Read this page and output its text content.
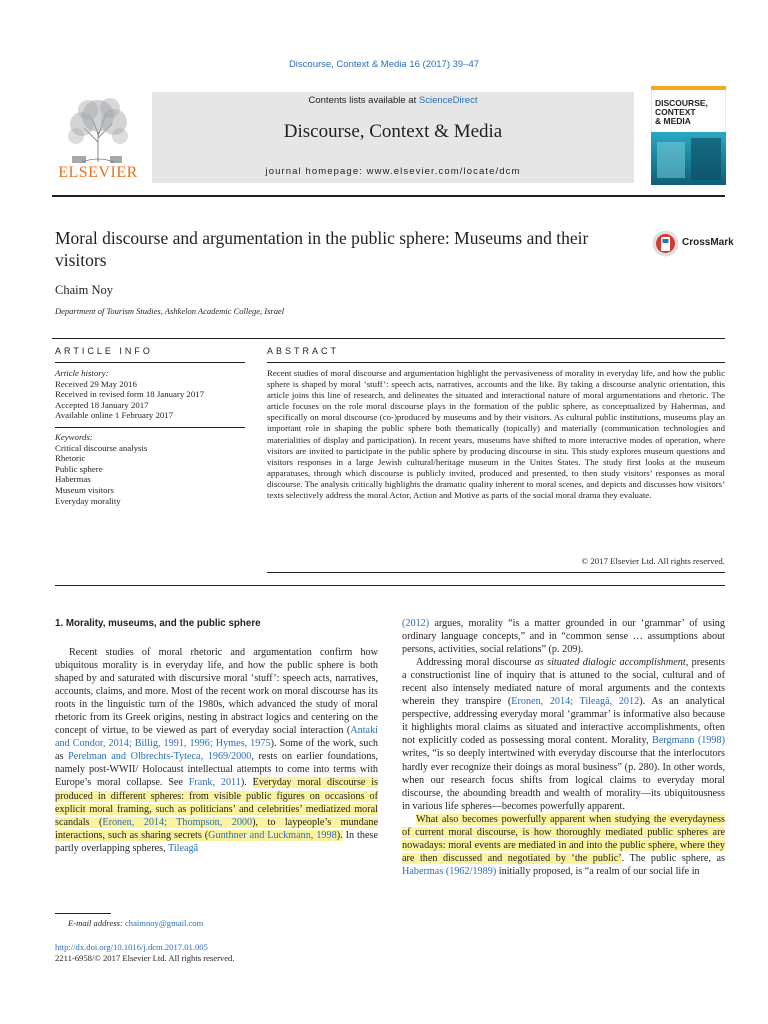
Discourse, Context & Media 16 (2017) 39–47
ELSEVIER
Contents lists available at ScienceDirect
Discourse, Context & Media
journal homepage: www.elsevier.com/locate/dcm
DISCOURSE,
CONTEXT
& MEDIA
Moral discourse and argumentation in the public sphere: Museums and their visitors
CrossMark
Chaim Noy
Department of Tourism Studies, Ashkelon Academic College, Israel
ARTICLE INFO	ABSTRACT
Article history:
Received 29 May 2016
Received in revised form 18 January 2017
Accepted 18 January 2017
Available online 1 February 2017
Keywords:
Critical discourse analysis
Rhetoric
Public sphere
Habermas
Museum visitors
Everyday morality
Recent studies of moral discourse and argumentation highlight the pervasiveness of morality in everyday life, and how the public sphere is shaped by moral ‘stuff’: speech acts, narratives, accounts and the like. By taking a discourse analytic orientation, this article joins this line of research, and delineates the situated and interactional nature of moral argumentations and rhetoric. The article focuses on the role moral discourse plays in the formation of the public sphere, as conceptualized by Habermas, and specifically on moral discourse (co-)produced by museums and by their visitors. As cultural public institutions, museums play an important role in shaping the public sphere both thematically (topically) and materially (communication technologies and materialities of display and participation). In recent years, museums have shifted to more interactive modes of operation, where visitors are invited to participate in the public sphere by producing discourse in situ. This study explores museum questions and visitors responses in a large Jewish cultural/heritage museum in the Unites States. The study first looks at the museum apparatuses, through which discourse is publicly invited, produced and presented, to then study visitors’ responses as moral discourse. The analysis critically highlights the dramatic quality inherent to moral scenes, and depicts and discusses how visitors’ texts selectively address the moral Actor, Action and Motive as parts of the social moral drama they evaluate.
© 2017 Elsevier Ltd. All rights reserved.
1. Morality, museums, and the public sphere
Recent studies of moral rhetoric and argumentation confirm how ubiquitous morality is in everyday life, and how the public sphere is both shaped by and saturated with discursive moral ‘stuff’: speech acts, narratives, accounts, claims, and more. Most of the recent work on moral discourse has its roots in the linguistic turn of the 1980s, which advanced the study of moral rhetoric from its Greek origins, nesting in abstract logics and centering on the concept of virtue, to be viewed as part of everyday social interaction (Antaki and Condor, 2014; Billig, 1991, 1996; Hymes, 1975). Some of the work, such as Perelman and Olbrechts-Tyteca, 1969/2000, rests on earlier foundations, namely post-WWII/ Holocaust intellectual attempts to come into terms with Europe’s moral collapse. See Frank, 2011). Everyday moral discourse is produced in different spheres: from visible public figures on occasions of explicit moral framing, such as politicians’ and celebrities’ mediatized moral scandals (Eronen, 2014; Thompson, 2000), to laypeople’s mundane interactions, such as sharing secrets (Gunthner and Luckmann, 1998). In these partly overlapping spheres, Tileagă
(2012) argues, morality “is a matter grounded in our ‘grammar’ of using ordinary language concepts,” and in “common sense … assumptions about persons, activities, social relations” (p. 209).
Addressing moral discourse as situated dialogic accomplishment, presents a constructionist line of inquiry that is attuned to the social, cultural and of recent also intensely mediated nature of moral arguments and the contexts wherein they transpire (Eronen, 2014; Tileagă, 2012). As an analytical perspective, addressing everyday moral ‘grammar’ is informative also because it highlights moral claims as situated and interactive accomplishments, often not explicitly coded as possessing moral content. Morality, Bergmann (1998) writes, “is so deeply intertwined with everyday discourse that the interlocutors hardly ever recognize their doings as moral business” (p. 280). In other words, when our research focus shifts from logical claims to everyday moral discourse, the abounding breadth and wealth of morality—its ubiquitousness in various life spheres—becomes powerfully apparent.
What also becomes powerfully apparent when studying the everydayness of current moral discourse, is how thoroughly mediated public spheres are nowadays: moral events are mediated in and into the public sphere, where they are then discussed and negotiated by ‘the public’. The public sphere, as Habermas (1962/1989) initially proposed, is “a realm of our social life in
E-mail address: chaimnoy@gmail.com
http://dx.doi.org/10.1016/j.dcm.2017.01.005
2211-6958/© 2017 Elsevier Ltd. All rights reserved.
